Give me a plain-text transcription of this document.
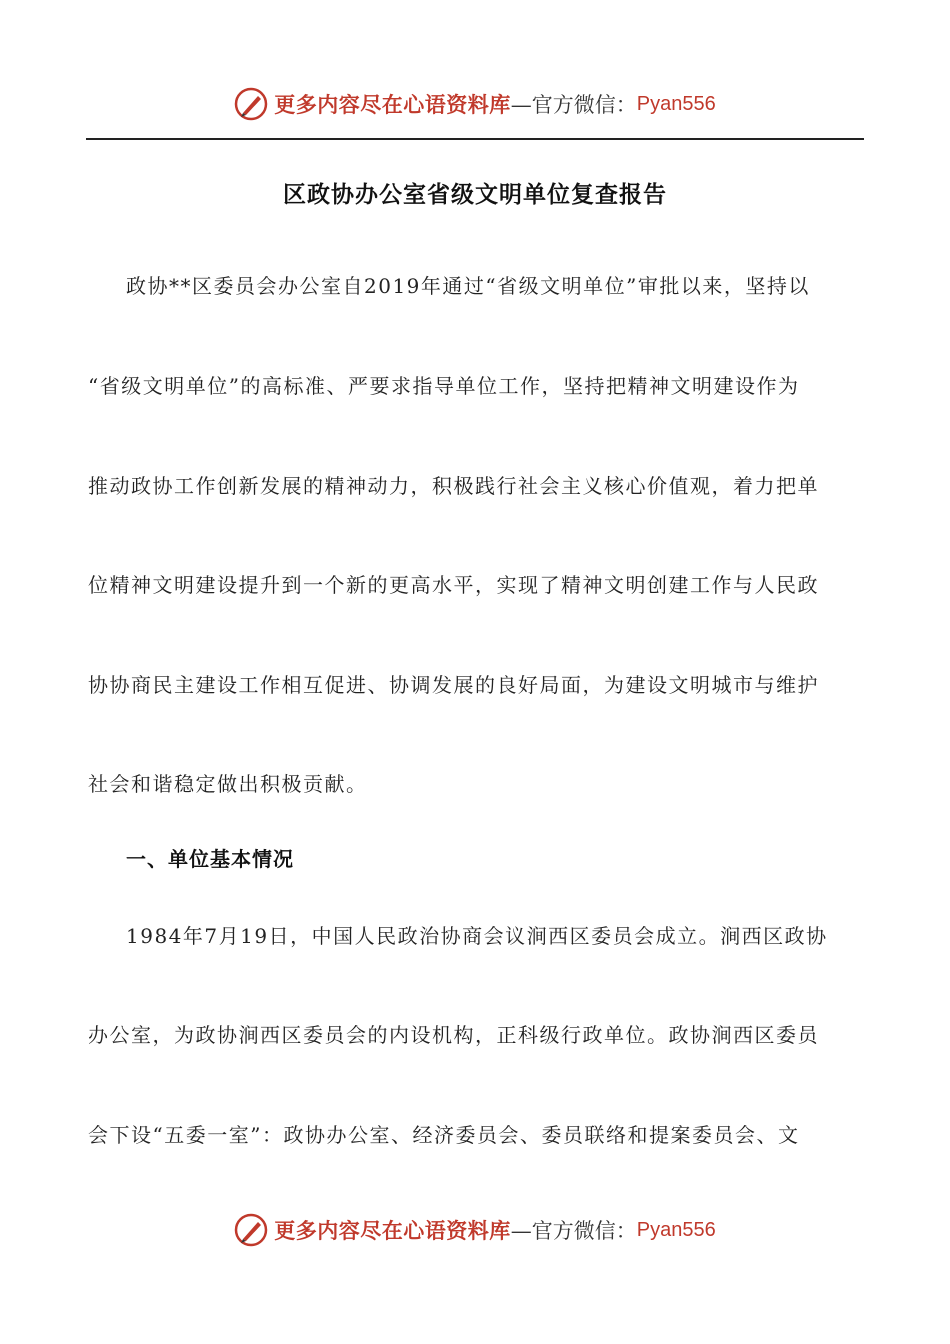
更多内容尽在心语资料库 —官方微信： Pyan556
区政协办公室省级文明单位复查报告
政协**区委员会办公室自2019年通过“省级文明单位”审批以来，坚持以
“省级文明单位”的高标准、严要求指导单位工作，坚持把精神文明建设作为
推动政协工作创新发展的精神动力，积极践行社会主义核心价值观，着力把单
位精神文明建设提升到一个新的更高水平，实现了精神文明创建工作与人民政
协协商民主建设工作相互促进、协调发展的良好局面，为建设文明城市与维护
社会和谐稳定做出积极贡献。
一、单位基本情况
1984年7月19日，中国人民政治协商会议涧西区委员会成立。涧西区政协
办公室，为政协涧西区委员会的内设机构，正科级行政单位。政协涧西区委员
会下设“五委一室”：政协办公室、经济委员会、委员联络和提案委员会、文
更多内容尽在心语资料库 —官方微信： Pyan556
